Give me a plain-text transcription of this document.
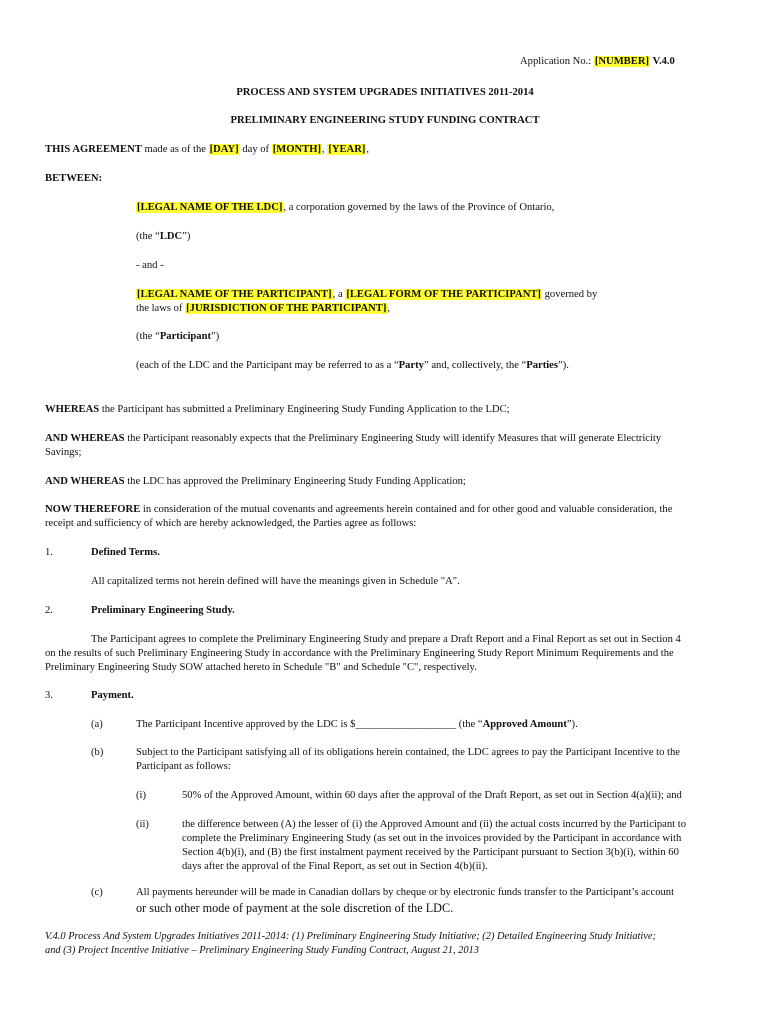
Application No.: [NUMBER] V.4.0
PROCESS AND SYSTEM UPGRADES INITIATIVES 2011-2014
PRELIMINARY ENGINEERING STUDY FUNDING CONTRACT
THIS AGREEMENT made as of the [DAY] day of [MONTH], [YEAR],
BETWEEN:
[LEGAL NAME OF THE LDC], a corporation governed by the laws of the Province of Ontario,
(the “LDC”)
- and -
[LEGAL NAME OF THE PARTICIPANT], a [LEGAL FORM OF THE PARTICIPANT] governed by
the laws of [JURISDICTION OF THE PARTICIPANT],
(the “Participant”)
(each of the LDC and the Participant may be referred to as a “Party” and, collectively, the “Parties”).
WHEREAS the Participant has submitted a Preliminary Engineering Study Funding Application to the LDC;
AND WHEREAS the Participant reasonably expects that the Preliminary Engineering Study will identify Measures that will generate Electricity
Savings;
AND WHEREAS the LDC has approved the Preliminary Engineering Study Funding Application;
NOW THEREFORE in consideration of the mutual covenants and agreements herein contained and for other good and valuable consideration, the
receipt and sufficiency of which are hereby acknowledged, the Parties agree as follows:
1.	Defined Terms.
All capitalized terms not herein defined will have the meanings given in Schedule "A".
2.	Preliminary Engineering Study.
The Participant agrees to complete the Preliminary Engineering Study and prepare a Draft Report and a Final Report as set out in Section 4
on the results of such Preliminary Engineering Study in accordance with the Preliminary Engineering Study Report Minimum Requirements and the
Preliminary Engineering Study SOW attached hereto in Schedule "B" and Schedule "C", respectively.
3.	Payment.
(a)	The Participant Incentive approved by the LDC is $___________________ (the “Approved Amount”).
(b)	Subject to the Participant satisfying all of its obligations herein contained, the LDC agrees to pay the Participant Incentive to the
Participant as follows:
(i)	50% of the Approved Amount, within 60 days after the approval of the Draft Report, as set out in Section 4(a)(ii); and
(ii)	the difference between (A) the lesser of (i) the Approved Amount and (ii) the actual costs incurred by the Participant to
complete the Preliminary Engineering Study (as set out in the invoices provided by the Participant in accordance with
Section 4(b)(i), and (B) the first instalment payment received by the Participant pursuant to Section 3(b)(i), within 60
days after the approval of the Final Report, as set out in Section 4(b)(ii).
(c)	All payments hereunder will be made in Canadian dollars by cheque or by electronic funds transfer to the Participant’s account
or such other mode of payment at the sole discretion of the LDC.
V.4.0 Process And System Upgrades Initiatives 2011-2014: (1) Preliminary Engineering Study Initiative; (2) Detailed Engineering Study Initiative;
and (3) Project Incentive Initiative – Preliminary Engineering Study Funding Contract, August 21, 2013
